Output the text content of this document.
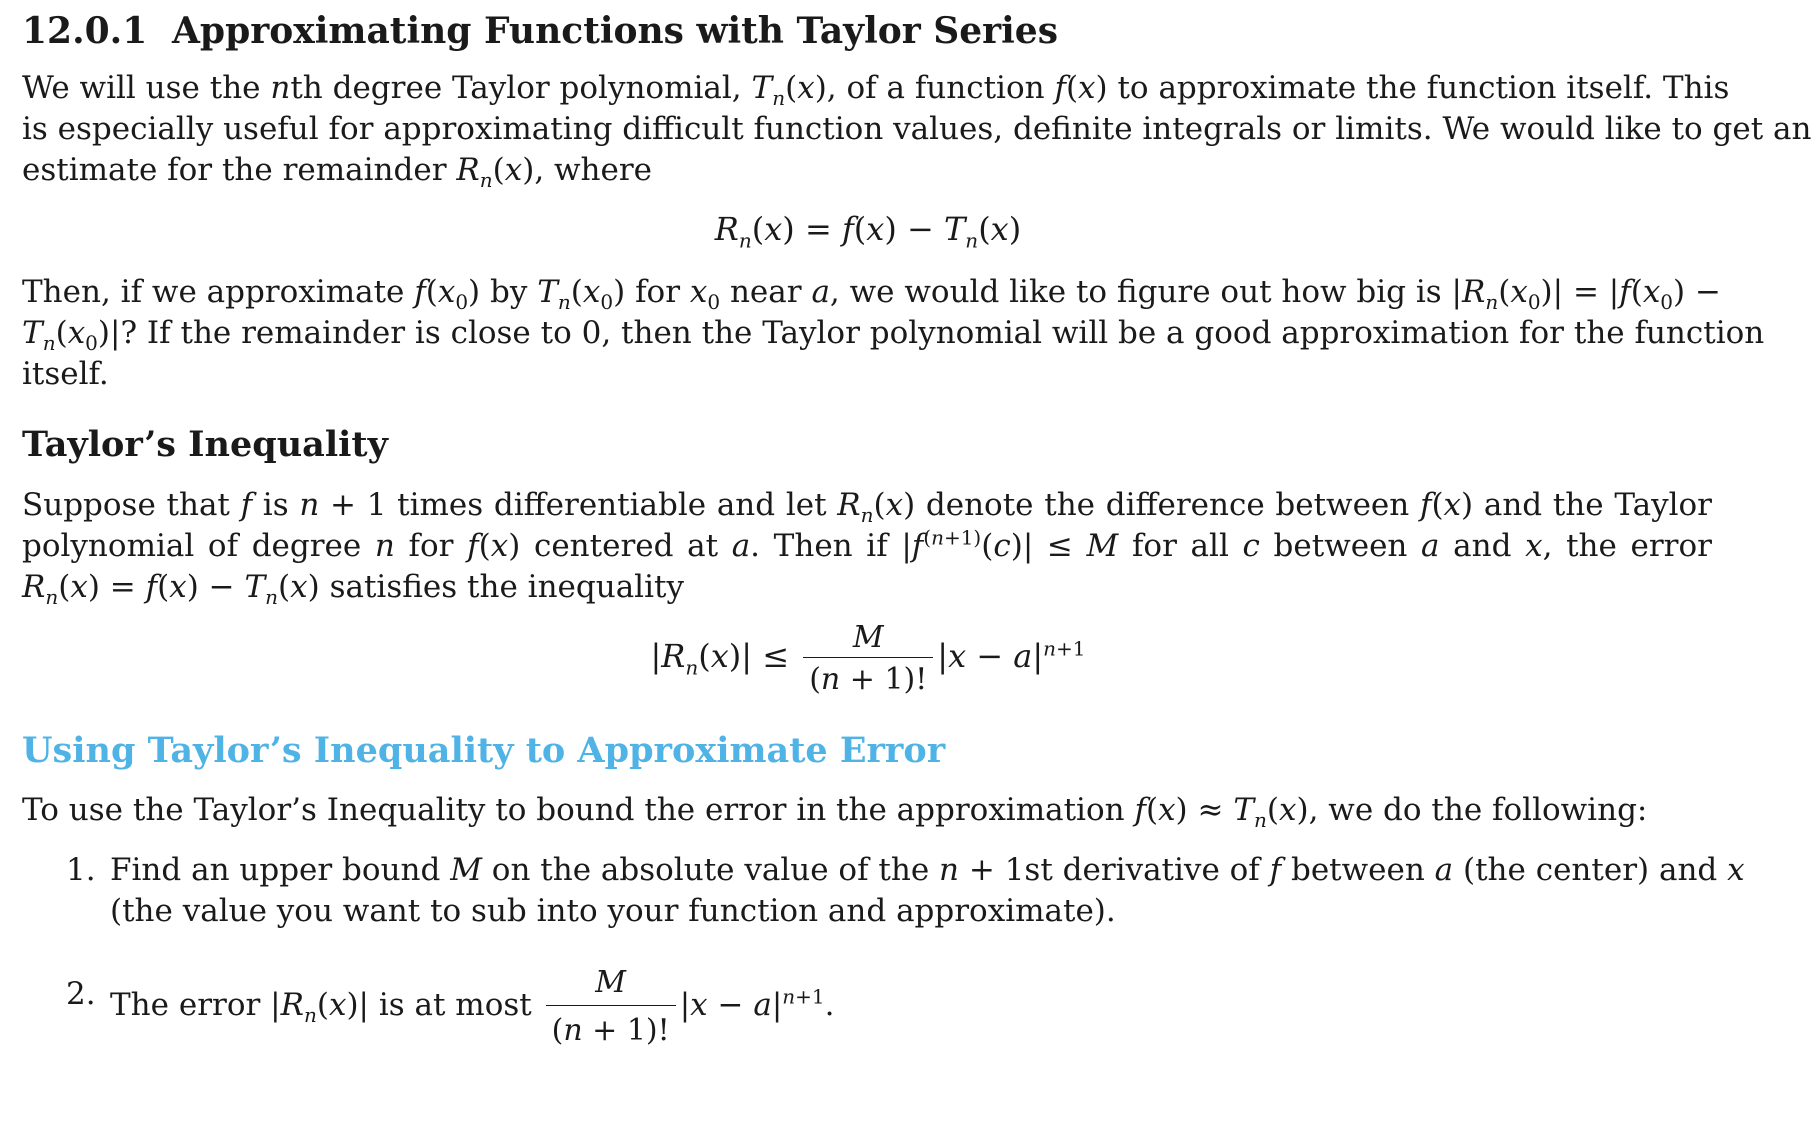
12.0.1 Approximating Functions with Taylor Series

We will use the nth degree Taylor polynomial, $T_n(x)$, of a function f(x) to approximate the function itself. This
is especially useful for approximating difficult function values, definite integrals or limits. We would like to get an
estimate for the remainder $R_n(x)$, where

$R_n(x) = f(x) - T_n(x)$

Then, if we approximate $f(x_0)$ by $T_n(x_0)$ for $x_0$ near a, we would like to figure out how big is $|R_n(x_0)| = |f(x_0)$ −
$T_n(x_0)|$? If the remainder is close to 0, then the Taylor polynomial will be a good approximation for the function
itself.

Taylor’s Inequality

Suppose that f is n + 1 times differentiable and let $R_n(x)$ denote the difference between f(x) and the Taylor
polynomial of degree n for f(x) centered at a. Then if $|f^{(n+1)}(c)| \le M$ for all c between a and x, the error
$R_n(x) = f(x) - T_n(x)$ satisfies the inequality

$|R_n(x)| \le \frac{M}{(n + 1)!} |x - a|^{n+1}$

Using Taylor’s Inequality to Approximate Error

To use the Taylor’s Inequality to bound the error in the approximation $f(x) \approx T_n(x)$, we do the following:

1. Find an upper bound M on the absolute value of the n + 1st derivative of f between a (the center) and x
(the value you want to sub into your function and approximate).
2. The error $|R_n(x)|$ is at most $\frac{M}{(n + 1)!} |x - a|^{n+1}$.
